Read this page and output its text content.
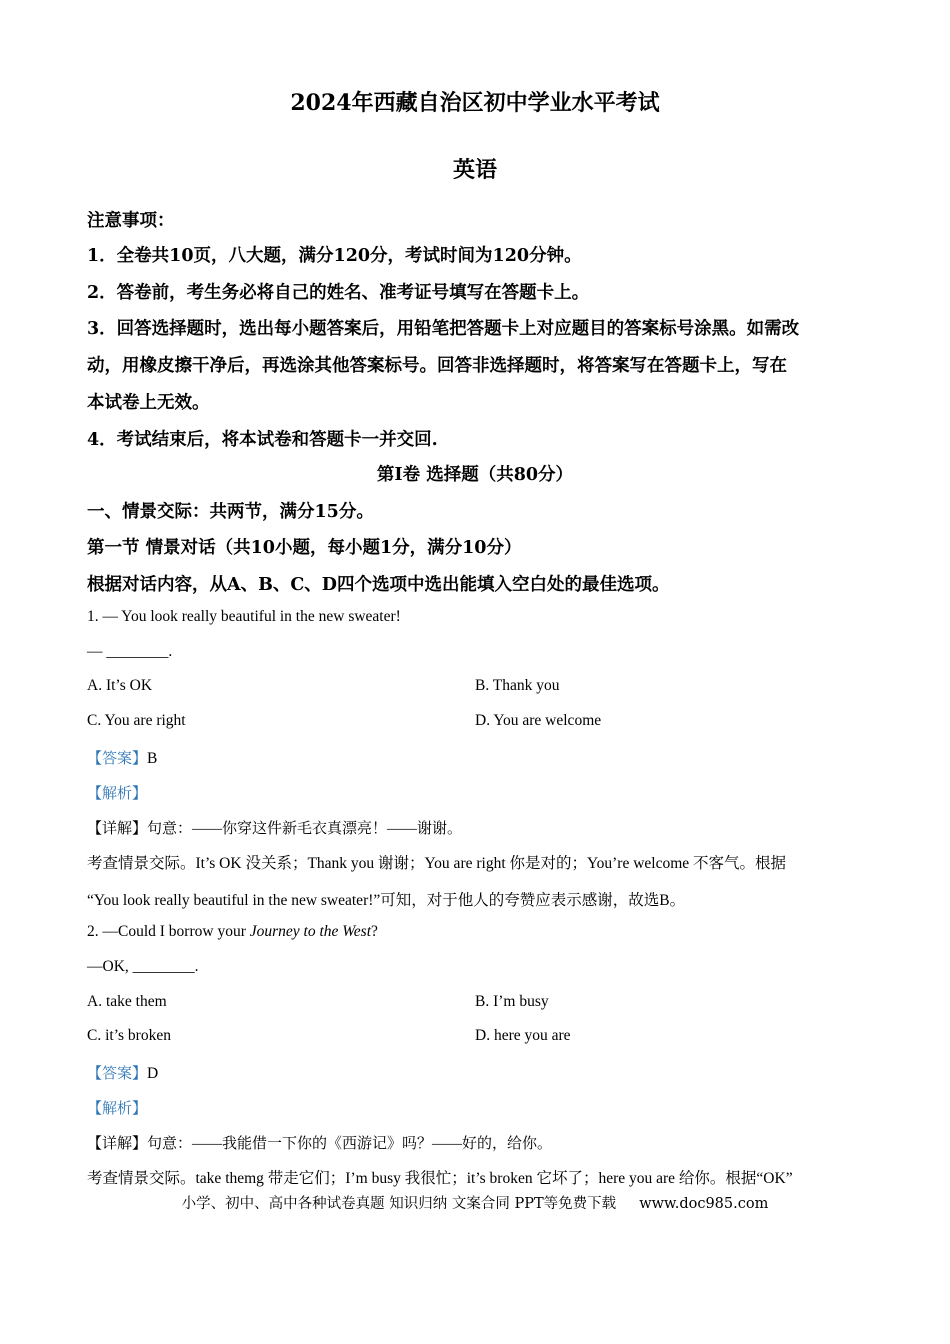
2024年西藏自治区初中学业水平考试
英语
注意事项：
1．全卷共10页，八大题，满分120分，考试时间为120分钟。
2．答卷前，考生务必将自己的姓名、准考证号填写在答题卡上。
3．回答选择题时，选出每小题答案后，用铅笔把答题卡上对应题目的答案标号涂黑。如需改
动，用橡皮擦干净后，再选涂其他答案标号。回答非选择题时，将答案写在答题卡上，写在
本试卷上无效。
4．考试结束后，将本试卷和答题卡一并交回.
第Ⅰ卷 选择题（共80分）
一、情景交际：共两节，满分15分。
第一节 情景对话（共10小题，每小题1分，满分10分）
根据对话内容，从A、B、C、D四个选项中选出能填入空白处的最佳选项。
1. — You look really beautiful in the new sweater!
— ________.
A. It’s OK	B. Thank you
C. You are right	D. You are welcome
【答案】B
【解析】
【详解】句意：——你穿这件新毛衣真漂亮！——谢谢。
考查情景交际。It’s OK 没关系；Thank you 谢谢；You are right 你是对的；You’re welcome 不客气。根据
“You look really beautiful in the new sweater!”可知，对于他人的夸赞应表示感谢，故选B。
2. —Could I borrow your Journey to the West?
—OK, ________.
A. take them	B. I’m busy
C. it’s broken	D. here you are
【答案】D
【解析】
【详解】句意：——我能借一下你的《西游记》吗？——好的，给你。
考查情景交际。take themg 带走它们；I’m busy 我很忙；it’s broken 它坏了；here you are 给你。根据“OK”
小学、初中、高中各种试卷真题 知识归纳 文案合同 PPT等免费下载 www.doc985.com
